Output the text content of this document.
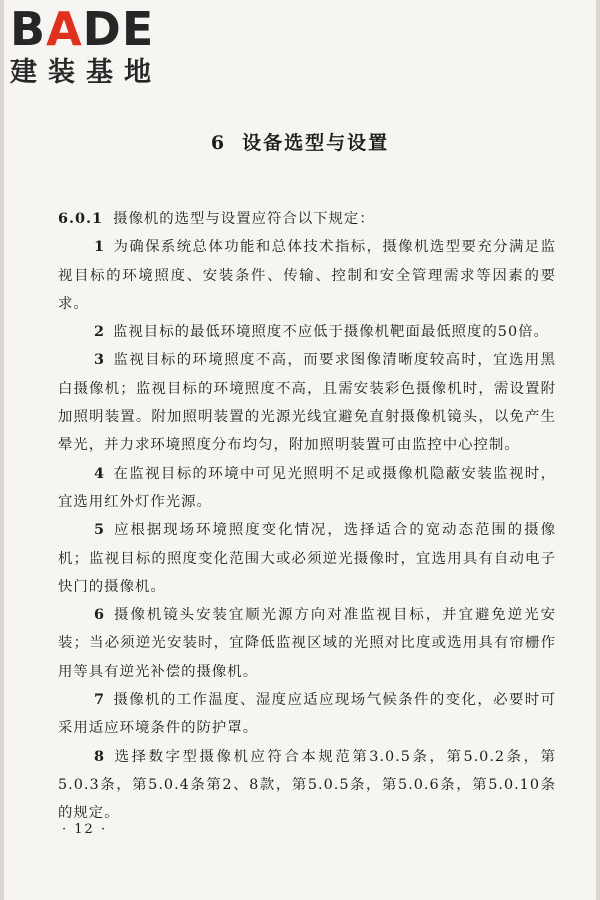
BADE
建装基地
6 设备选型与设置

6.0.1 摄像机的选型与设置应符合以下规定：

1 为确保系统总体功能和总体技术指标，摄像机选型要充分满足监视目标的环境照度、安装条件、传输、控制和安全管理需求等因素的要求。

2 监视目标的最低环境照度不应低于摄像机靶面最低照度的50倍。

3 监视目标的环境照度不高，而要求图像清晰度较高时，宜选用黑白摄像机；监视目标的环境照度不高，且需安装彩色摄像机时，需设置附加照明装置。附加照明装置的光源光线宜避免直射摄像机镜头，以免产生晕光，并力求环境照度分布均匀，附加照明装置可由监控中心控制。

4 在监视目标的环境中可见光照明不足或摄像机隐蔽安装监视时，宜选用红外灯作光源。

5 应根据现场环境照度变化情况，选择适合的宽动态范围的摄像机；监视目标的照度变化范围大或必须逆光摄像时，宜选用具有自动电子快门的摄像机。

6 摄像机镜头安装宜顺光源方向对准监视目标，并宜避免逆光安装；当必须逆光安装时，宜降低监视区域的光照对比度或选用具有帘栅作用等具有逆光补偿的摄像机。

7 摄像机的工作温度、湿度应适应现场气候条件的变化，必要时可采用适应环境条件的防护罩。

8 选择数字型摄像机应符合本规范第3.0.5条，第5.0.2条，第5.0.3条，第5.0.4条第2、8款，第5.0.5条，第5.0.6条，第5.0.10条的规定。

· 12 ·
